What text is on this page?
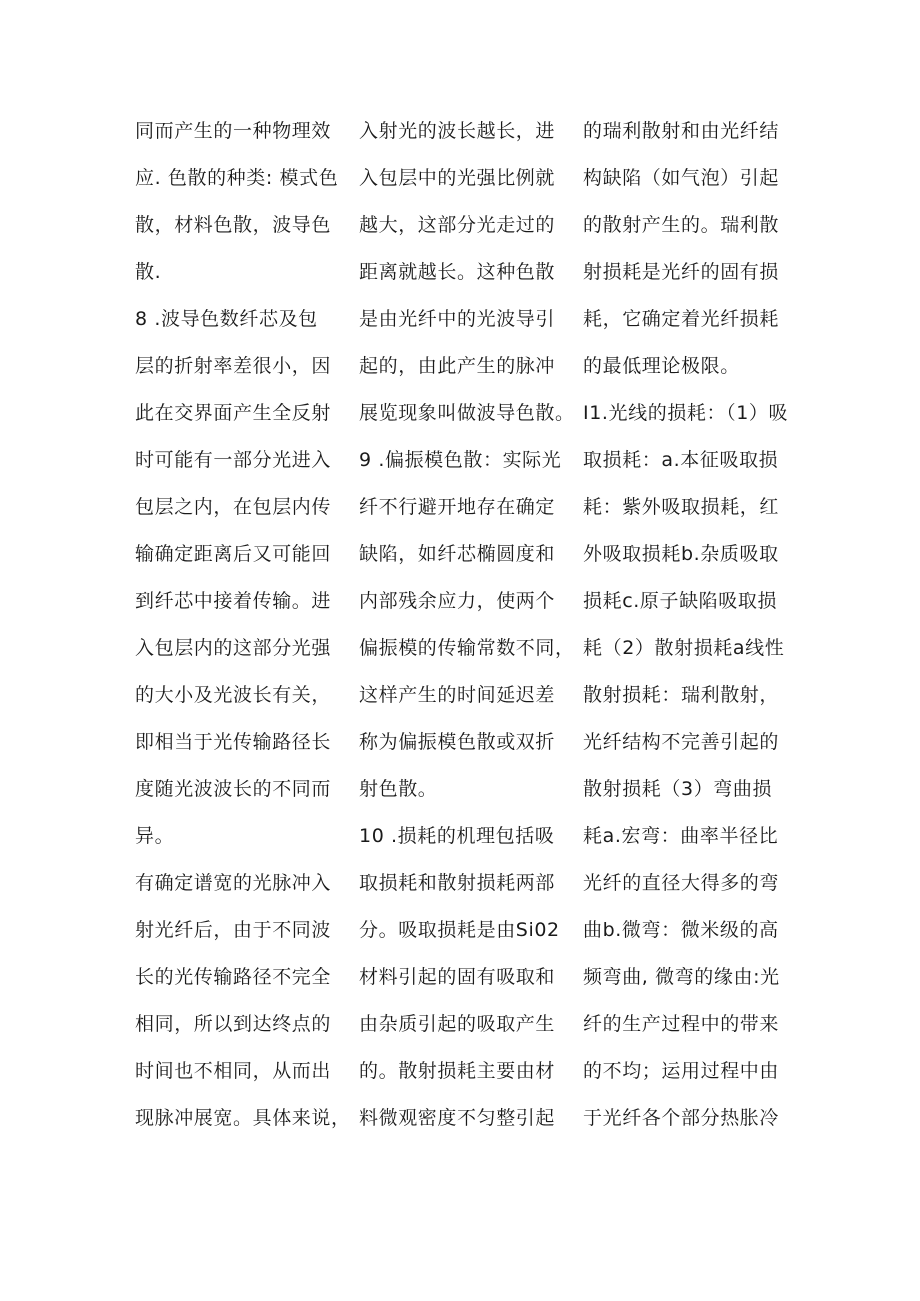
同而产生的一种物理效
应. 色散的种类: 模式色
散，材料色散，波导色
散.
8 .波导色数纤芯及包
层的折射率差很小，因
此在交界面产生全反射
时可能有一部分光进入
包层之内，在包层内传
输确定距离后又可能回
到纤芯中接着传输。进
入包层内的这部分光强
的大小及光波长有关，
即相当于光传输路径长
度随光波波长的不同而
异。
有确定谱宽的光脉冲入
射光纤后，由于不同波
长的光传输路径不完全
相同，所以到达终点的
时间也不相同，从而出
现脉冲展宽。具体来说，
入射光的波长越长，进
入包层中的光强比例就
越大，这部分光走过的
距离就越长。这种色散
是由光纤中的光波导引
起的，由此产生的脉冲
展览现象叫做波导色散。
9 .偏振模色散：实际光
纤不行避开地存在确定
缺陷，如纤芯椭圆度和
内部残余应力，使两个
偏振模的传输常数不同，
这样产生的时间延迟差
称为偏振模色散或双折
射色散。
10 .损耗的机理包括吸
取损耗和散射损耗两部
分。吸取损耗是由Si02
材料引起的固有吸取和
由杂质引起的吸取产生
的。散射损耗主要由材
料微观密度不匀整引起
的瑞利散射和由光纤结
构缺陷（如气泡）引起
的散射产生的。瑞利散
射损耗是光纤的固有损
耗，它确定着光纤损耗
的最低理论极限。
I1.光线的损耗：（1）吸
取损耗：a.本征吸取损
耗：紫外吸取损耗，红
外吸取损耗b.杂质吸取
损耗c.原子缺陷吸取损
耗（2）散射损耗a线性
散射损耗：瑞利散射，
光纤结构不完善引起的
散射损耗（3）弯曲损
耗a.宏弯：曲率半径比
光纤的直径大得多的弯
曲b.微弯：微米级的高
频弯曲, 微弯的缘由:光
纤的生产过程中的带来
的不均；运用过程中由
于光纤各个部分热胀冷
